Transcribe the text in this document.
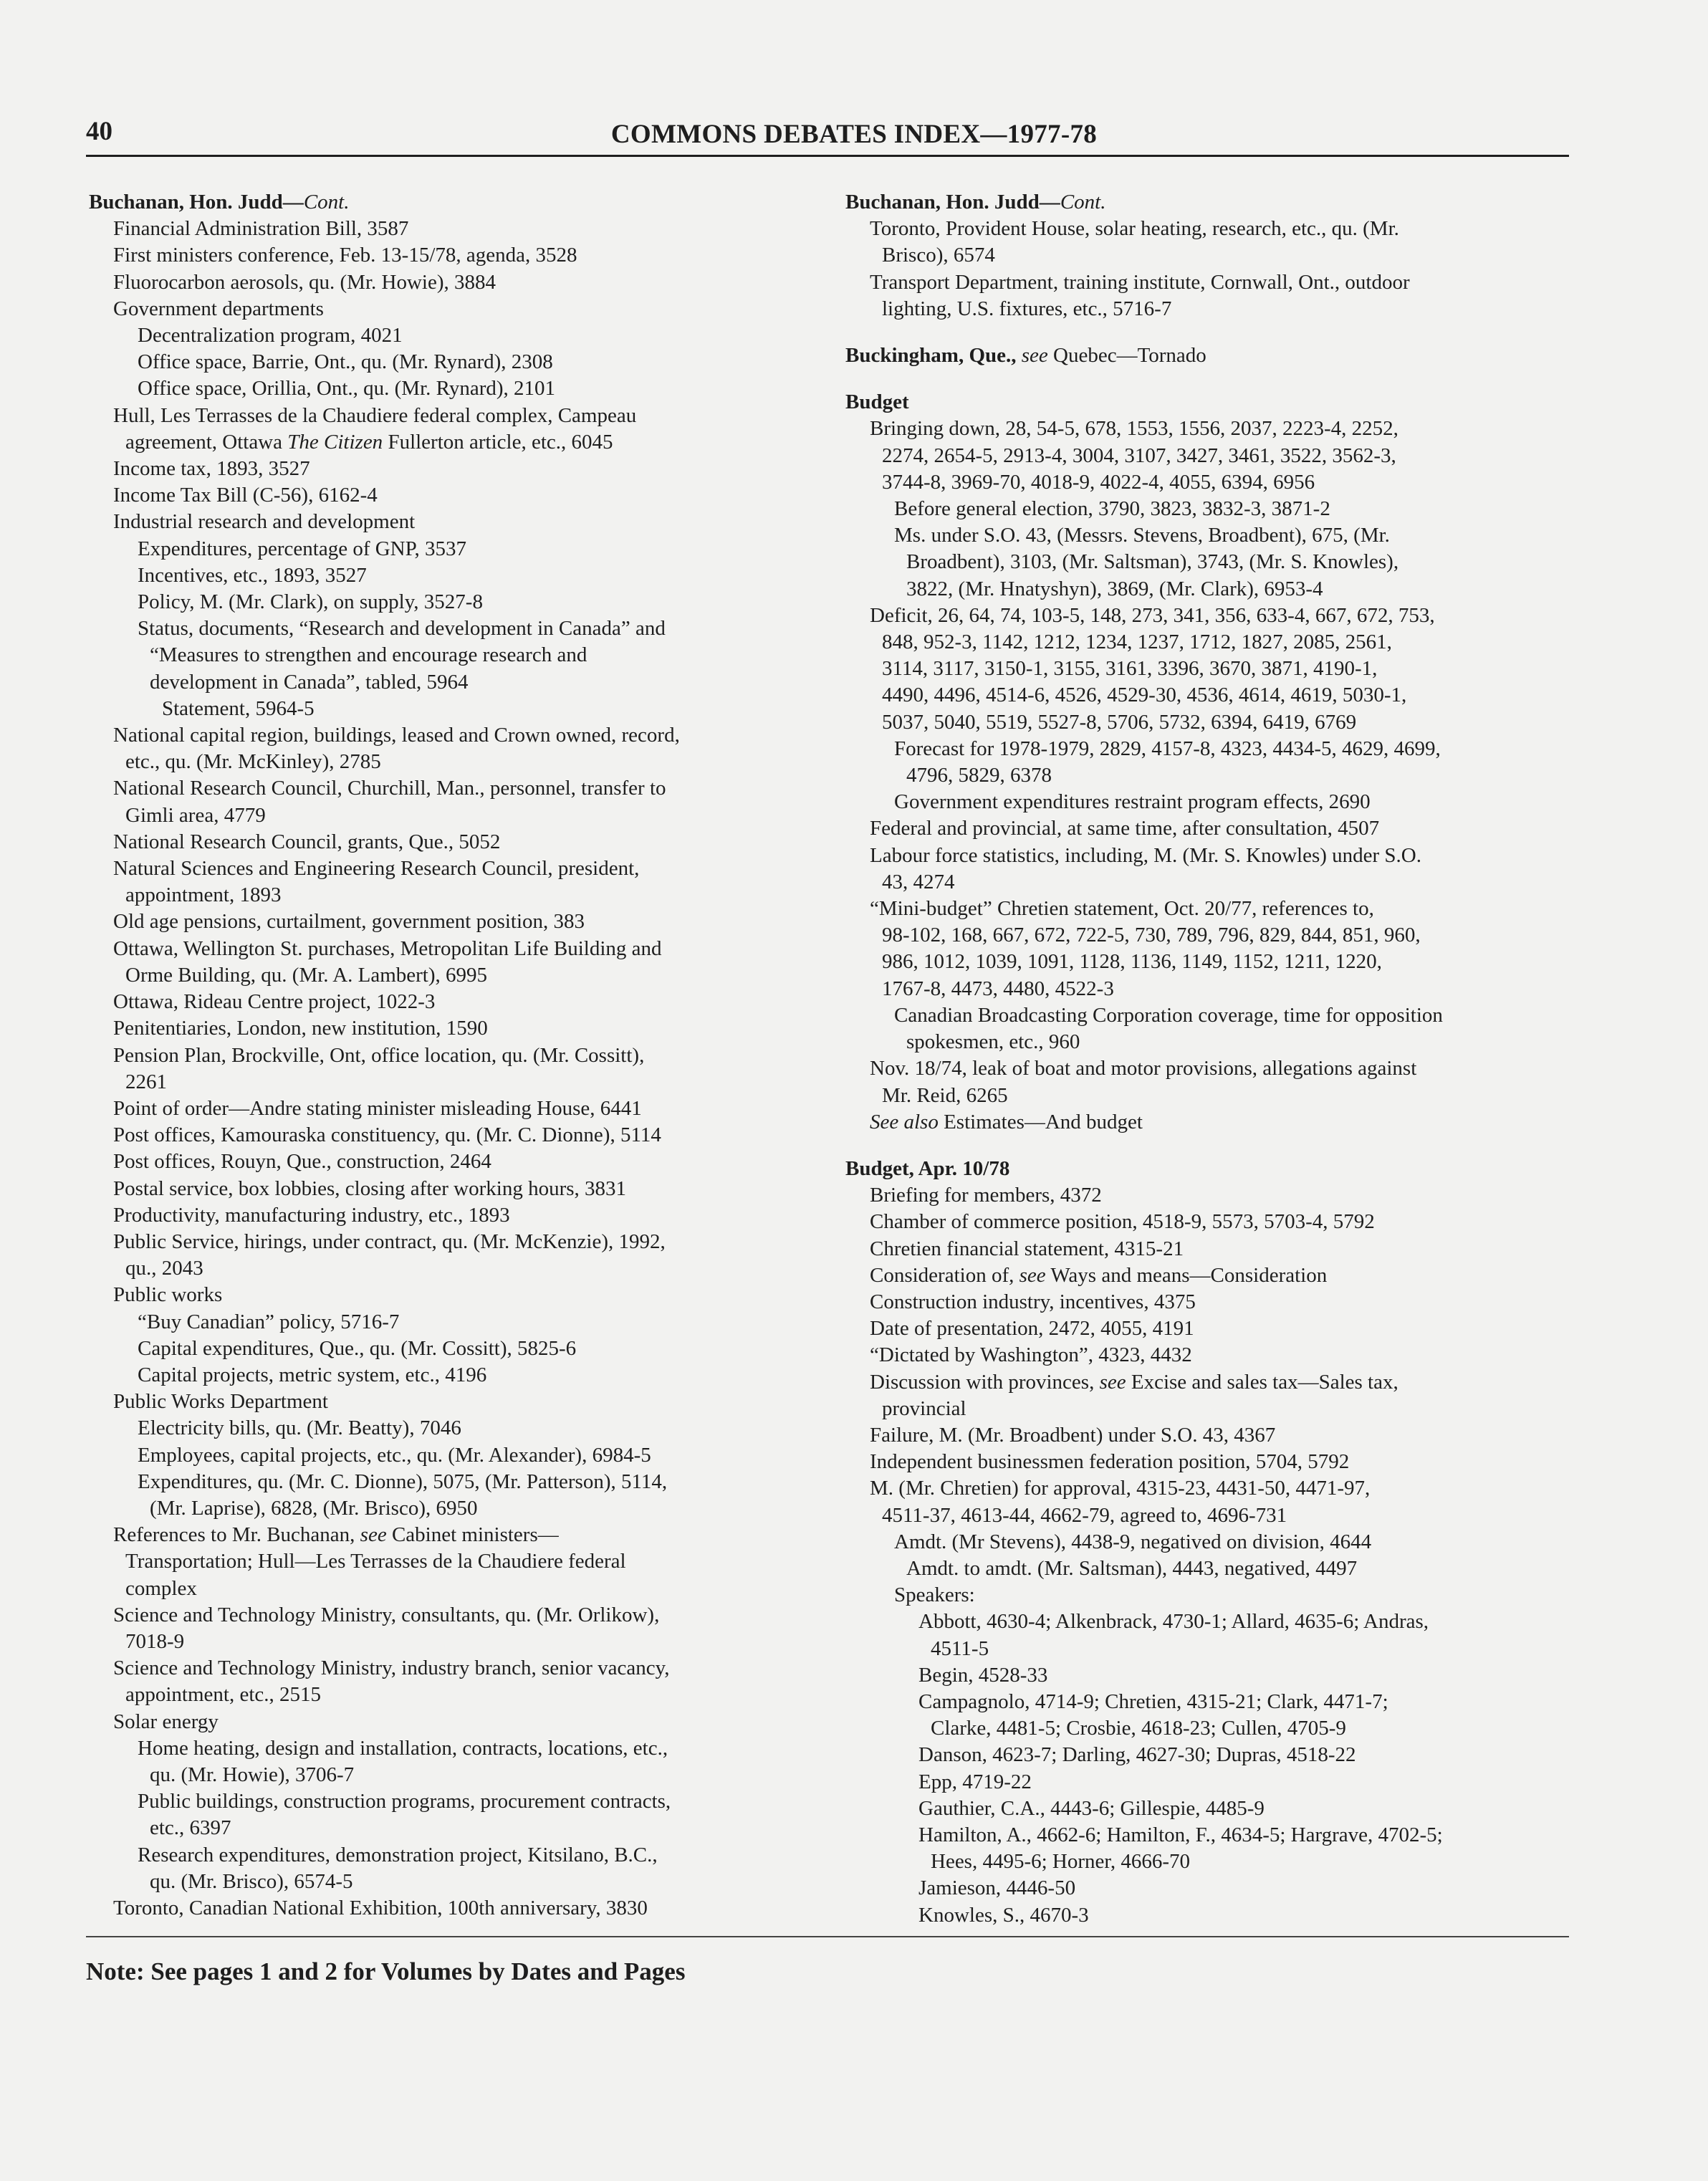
40	COMMONS DEBATES INDEX—1977-78
Buchanan, Hon. Judd—Cont.
Financial Administration Bill, 3587
First ministers conference, Feb. 13-15/78, agenda, 3528
Fluorocarbon aerosols, qu. (Mr. Howie), 3884
Government departments
Decentralization program, 4021
Office space, Barrie, Ont., qu. (Mr. Rynard), 2308
Office space, Orillia, Ont., qu. (Mr. Rynard), 2101
Hull, Les Terrasses de la Chaudiere federal complex, Campeau
agreement, Ottawa The Citizen Fullerton article, etc., 6045
Income tax, 1893, 3527
Income Tax Bill (C-56), 6162-4
Industrial research and development
Expenditures, percentage of GNP, 3537
Incentives, etc., 1893, 3527
Policy, M. (Mr. Clark), on supply, 3527-8
Status, documents, “Research and development in Canada” and
“Measures to strengthen and encourage research and
development in Canada”, tabled, 5964
Statement, 5964-5
National capital region, buildings, leased and Crown owned, record,
etc., qu. (Mr. McKinley), 2785
National Research Council, Churchill, Man., personnel, transfer to
Gimli area, 4779
National Research Council, grants, Que., 5052
Natural Sciences and Engineering Research Council, president,
appointment, 1893
Old age pensions, curtailment, government position, 383
Ottawa, Wellington St. purchases, Metropolitan Life Building and
Orme Building, qu. (Mr. A. Lambert), 6995
Ottawa, Rideau Centre project, 1022-3
Penitentiaries, London, new institution, 1590
Pension Plan, Brockville, Ont, office location, qu. (Mr. Cossitt),
2261
Point of order—Andre stating minister misleading House, 6441
Post offices, Kamouraska constituency, qu. (Mr. C. Dionne), 5114
Post offices, Rouyn, Que., construction, 2464
Postal service, box lobbies, closing after working hours, 3831
Productivity, manufacturing industry, etc., 1893
Public Service, hirings, under contract, qu. (Mr. McKenzie), 1992,
qu., 2043
Public works
“Buy Canadian” policy, 5716-7
Capital expenditures, Que., qu. (Mr. Cossitt), 5825-6
Capital projects, metric system, etc., 4196
Public Works Department
Electricity bills, qu. (Mr. Beatty), 7046
Employees, capital projects, etc., qu. (Mr. Alexander), 6984-5
Expenditures, qu. (Mr. C. Dionne), 5075, (Mr. Patterson), 5114,
(Mr. Laprise), 6828, (Mr. Brisco), 6950
References to Mr. Buchanan, see Cabinet ministers—
Transportation; Hull—Les Terrasses de la Chaudiere federal
complex
Science and Technology Ministry, consultants, qu. (Mr. Orlikow),
7018-9
Science and Technology Ministry, industry branch, senior vacancy,
appointment, etc., 2515
Solar energy
Home heating, design and installation, contracts, locations, etc.,
qu. (Mr. Howie), 3706-7
Public buildings, construction programs, procurement contracts,
etc., 6397
Research expenditures, demonstration project, Kitsilano, B.C.,
qu. (Mr. Brisco), 6574-5
Toronto, Canadian National Exhibition, 100th anniversary, 3830
Buchanan, Hon. Judd—Cont.
Toronto, Provident House, solar heating, research, etc., qu. (Mr.
Brisco), 6574
Transport Department, training institute, Cornwall, Ont., outdoor
lighting, U.S. fixtures, etc., 5716-7
Buckingham, Que., see Quebec—Tornado
Budget
Bringing down, 28, 54-5, 678, 1553, 1556, 2037, 2223-4, 2252,
2274, 2654-5, 2913-4, 3004, 3107, 3427, 3461, 3522, 3562-3,
3744-8, 3969-70, 4018-9, 4022-4, 4055, 6394, 6956
Before general election, 3790, 3823, 3832-3, 3871-2
Ms. under S.O. 43, (Messrs. Stevens, Broadbent), 675, (Mr.
Broadbent), 3103, (Mr. Saltsman), 3743, (Mr. S. Knowles),
3822, (Mr. Hnatyshyn), 3869, (Mr. Clark), 6953-4
Deficit, 26, 64, 74, 103-5, 148, 273, 341, 356, 633-4, 667, 672, 753,
848, 952-3, 1142, 1212, 1234, 1237, 1712, 1827, 2085, 2561,
3114, 3117, 3150-1, 3155, 3161, 3396, 3670, 3871, 4190-1,
4490, 4496, 4514-6, 4526, 4529-30, 4536, 4614, 4619, 5030-1,
5037, 5040, 5519, 5527-8, 5706, 5732, 6394, 6419, 6769
Forecast for 1978-1979, 2829, 4157-8, 4323, 4434-5, 4629, 4699,
4796, 5829, 6378
Government expenditures restraint program effects, 2690
Federal and provincial, at same time, after consultation, 4507
Labour force statistics, including, M. (Mr. S. Knowles) under S.O.
43, 4274
“Mini-budget” Chretien statement, Oct. 20/77, references to,
98-102, 168, 667, 672, 722-5, 730, 789, 796, 829, 844, 851, 960,
986, 1012, 1039, 1091, 1128, 1136, 1149, 1152, 1211, 1220,
1767-8, 4473, 4480, 4522-3
Canadian Broadcasting Corporation coverage, time for opposition
spokesmen, etc., 960
Nov. 18/74, leak of boat and motor provisions, allegations against
Mr. Reid, 6265
See also Estimates—And budget
Budget, Apr. 10/78
Briefing for members, 4372
Chamber of commerce position, 4518-9, 5573, 5703-4, 5792
Chretien financial statement, 4315-21
Consideration of, see Ways and means—Consideration
Construction industry, incentives, 4375
Date of presentation, 2472, 4055, 4191
“Dictated by Washington”, 4323, 4432
Discussion with provinces, see Excise and sales tax—Sales tax,
provincial
Failure, M. (Mr. Broadbent) under S.O. 43, 4367
Independent businessmen federation position, 5704, 5792
M. (Mr. Chretien) for approval, 4315-23, 4431-50, 4471-97,
4511-37, 4613-44, 4662-79, agreed to, 4696-731
Amdt. (Mr Stevens), 4438-9, negatived on division, 4644
Amdt. to amdt. (Mr. Saltsman), 4443, negatived, 4497
Speakers:
Abbott, 4630-4; Alkenbrack, 4730-1; Allard, 4635-6; Andras,
4511-5
Begin, 4528-33
Campagnolo, 4714-9; Chretien, 4315-21; Clark, 4471-7;
Clarke, 4481-5; Crosbie, 4618-23; Cullen, 4705-9
Danson, 4623-7; Darling, 4627-30; Dupras, 4518-22
Epp, 4719-22
Gauthier, C.A., 4443-6; Gillespie, 4485-9
Hamilton, A., 4662-6; Hamilton, F., 4634-5; Hargrave, 4702-5;
Hees, 4495-6; Horner, 4666-70
Jamieson, 4446-50
Knowles, S., 4670-3
Note: See pages 1 and 2 for Volumes by Dates and Pages
